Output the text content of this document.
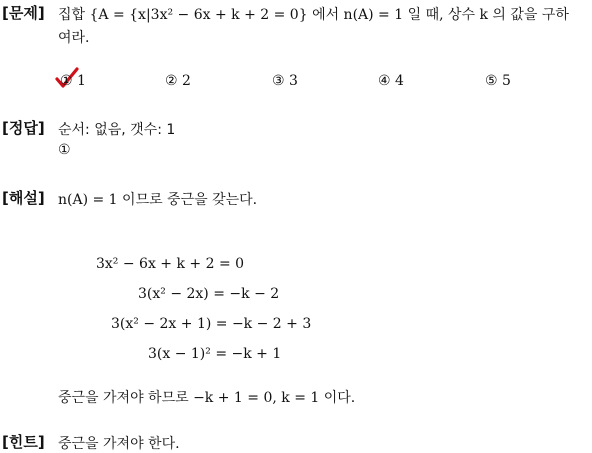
[문제] 집합 {A = {x|3x² − 6x + k + 2 = 0} 에서 n(A) = 1 일 때, 상수 k 의 값을 구하
여라.
① 1	② 2	③ 3	④ 4	⑤ 5
[정답] 순서: 없음, 갯수: 1
①
[해설] n(A) = 1 이므로 중근을 갖는다.
3x² − 6x + k + 2 = 0
3(x² − 2x) = −k − 2
3(x² − 2x + 1) = −k − 2 + 3
3(x − 1)² = −k + 1
중근을 가져야 하므로 −k + 1 = 0, k = 1 이다.
[힌트] 중근을 가져야 한다.
